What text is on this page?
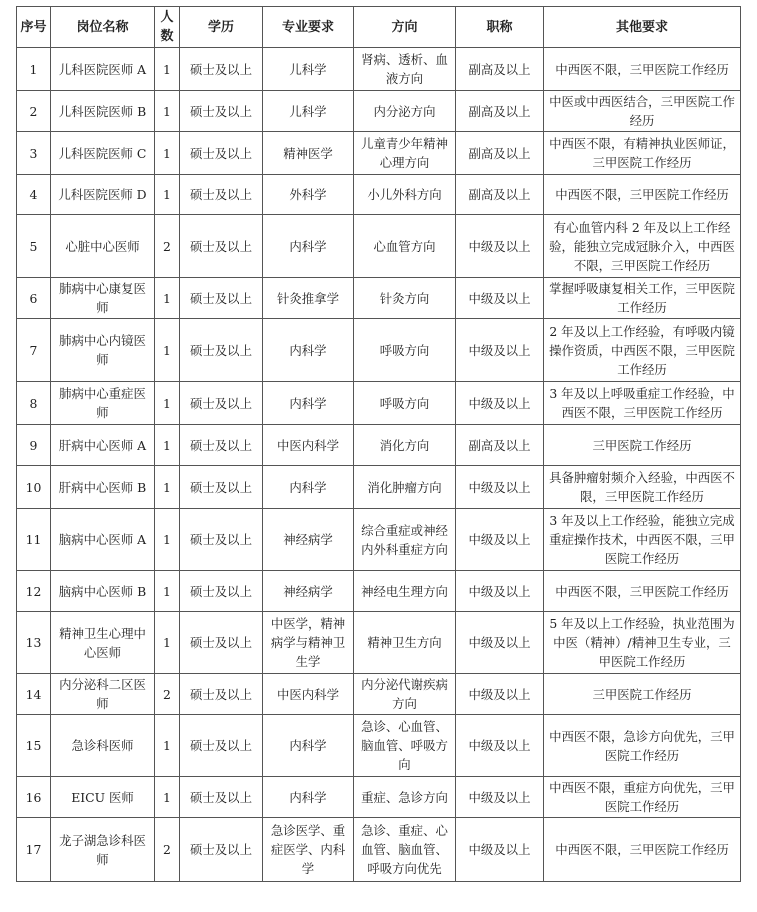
序号	岗位名称	人数	学历	专业要求	方向	职称	其他要求
1	儿科医院医师 A	1	硕士及以上	儿科学	肾病、透析、血液方向	副高及以上	中西医不限，三甲医院工作经历
2	儿科医院医师 B	1	硕士及以上	儿科学	内分泌方向	副高及以上	中医或中西医结合，三甲医院工作经历
3	儿科医院医师 C	1	硕士及以上	精神医学	儿童青少年精神心理方向	副高及以上	中西医不限，有精神执业医师证，三甲医院工作经历
4	儿科医院医师 D	1	硕士及以上	外科学	小儿外科方向	副高及以上	中西医不限，三甲医院工作经历
5	心脏中心医师	2	硕士及以上	内科学	心血管方向	中级及以上	有心血管内科 2 年及以上工作经验，能独立完成冠脉介入，中西医不限，三甲医院工作经历
6	肺病中心康复医师	1	硕士及以上	针灸推拿学	针灸方向	中级及以上	掌握呼吸康复相关工作，三甲医院工作经历
7	肺病中心内镜医师	1	硕士及以上	内科学	呼吸方向	中级及以上	2 年及以上工作经验，有呼吸内镜操作资质，中西医不限，三甲医院工作经历
8	肺病中心重症医师	1	硕士及以上	内科学	呼吸方向	中级及以上	3 年及以上呼吸重症工作经验，中西医不限，三甲医院工作经历
9	肝病中心医师 A	1	硕士及以上	中医内科学	消化方向	副高及以上	三甲医院工作经历
10	肝病中心医师 B	1	硕士及以上	内科学	消化肿瘤方向	中级及以上	具备肿瘤射频介入经验，中西医不限，三甲医院工作经历
11	脑病中心医师 A	1	硕士及以上	神经病学	综合重症或神经内外科重症方向	中级及以上	3 年及以上工作经验，能独立完成重症操作技术，中西医不限，三甲医院工作经历
12	脑病中心医师 B	1	硕士及以上	神经病学	神经电生理方向	中级及以上	中西医不限，三甲医院工作经历
13	精神卫生心理中心医师	1	硕士及以上	中医学，精神病学与精神卫生学	精神卫生方向	中级及以上	5 年及以上工作经验，执业范围为中医（精神）/精神卫生专业，三甲医院工作经历
14	内分泌科二区医师	2	硕士及以上	中医内科学	内分泌代谢疾病方向	中级及以上	三甲医院工作经历
15	急诊科医师	1	硕士及以上	内科学	急诊、心血管、脑血管、呼吸方向	中级及以上	中西医不限，急诊方向优先，三甲医院工作经历
16	EICU 医师	1	硕士及以上	内科学	重症、急诊方向	中级及以上	中西医不限，重症方向优先，三甲医院工作经历
17	龙子湖急诊科医师	2	硕士及以上	急诊医学、重症医学、内科学	急诊、重症、心血管、脑血管、呼吸方向优先	中级及以上	中西医不限，三甲医院工作经历
